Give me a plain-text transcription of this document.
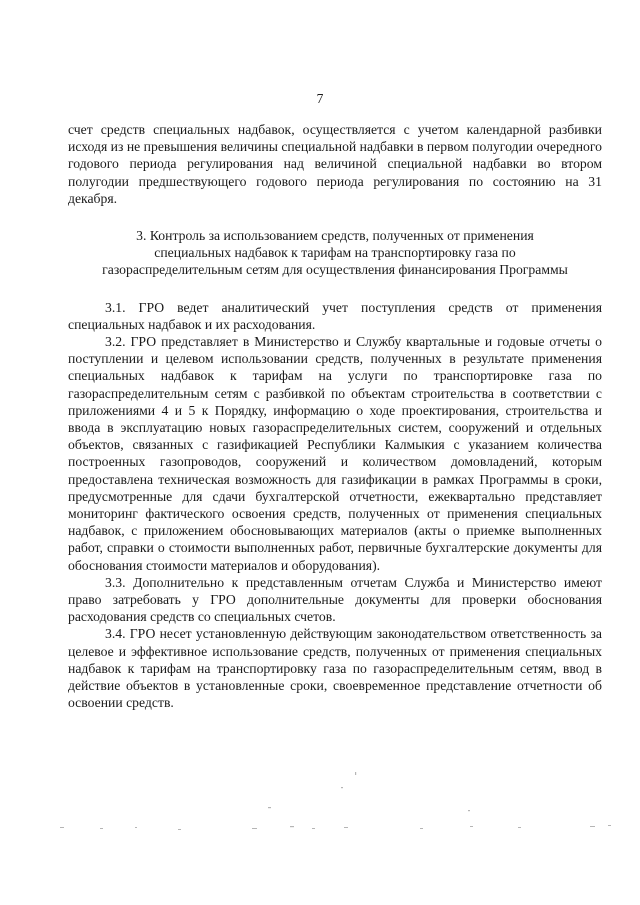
7

счет средств специальных надбавок, осуществляется с учетом календарной разбивки исходя из не превышения величины специальной надбавки в первом полугодии очередного годового периода регулирования над величиной специальной надбавки во втором полугодии предшествующего годового периода регулирования по состоянию на 31 декабря.

3. Контроль за использованием средств, полученных от применения
специальных надбавок к тарифам на транспортировку газа по
газораспределительным сетям для осуществления финансирования Программы

3.1. ГРО ведет аналитический учет поступления средств от применения специальных надбавок и их расходования.

3.2. ГРО представляет в Министерство и Службу квартальные и годовые отчеты о поступлении и целевом использовании средств, полученных в результате применения специальных надбавок к тарифам на услуги по транспортировке газа по газораспределительным сетям с разбивкой по объектам строительства в соответствии с приложениями 4 и 5 к Порядку, информацию о ходе проектирования, строительства и ввода в эксплуатацию новых газораспределительных систем, сооружений и отдельных объектов, связанных с газификацией Республики Калмыкия с указанием количества построенных газопроводов, сооружений и количеством домовладений, которым предоставлена техническая возможность для газификации в рамках Программы в сроки, предусмотренные для сдачи бухгалтерской отчетности, ежеквартально представляет мониторинг фактического освоения средств, полученных от применения специальных надбавок, с приложением обосновывающих материалов (акты о приемке выполненных работ, справки о стоимости выполненных работ, первичные бухгалтерские документы для обоснования стоимости материалов и оборудования).

3.3. Дополнительно к представленным отчетам Служба и Министерство имеют право затребовать у ГРО дополнительные документы для проверки обоснования расходования средств со специальных счетов.

3.4. ГРО несет установленную действующим законодательством ответственность за целевое и эффективное использование средств, полученных от применения специальных надбавок к тарифам на транспортировку газа по газораспределительным сетям, ввод в действие объектов в установленные сроки, своевременное представление отчетности об освоении средств.
